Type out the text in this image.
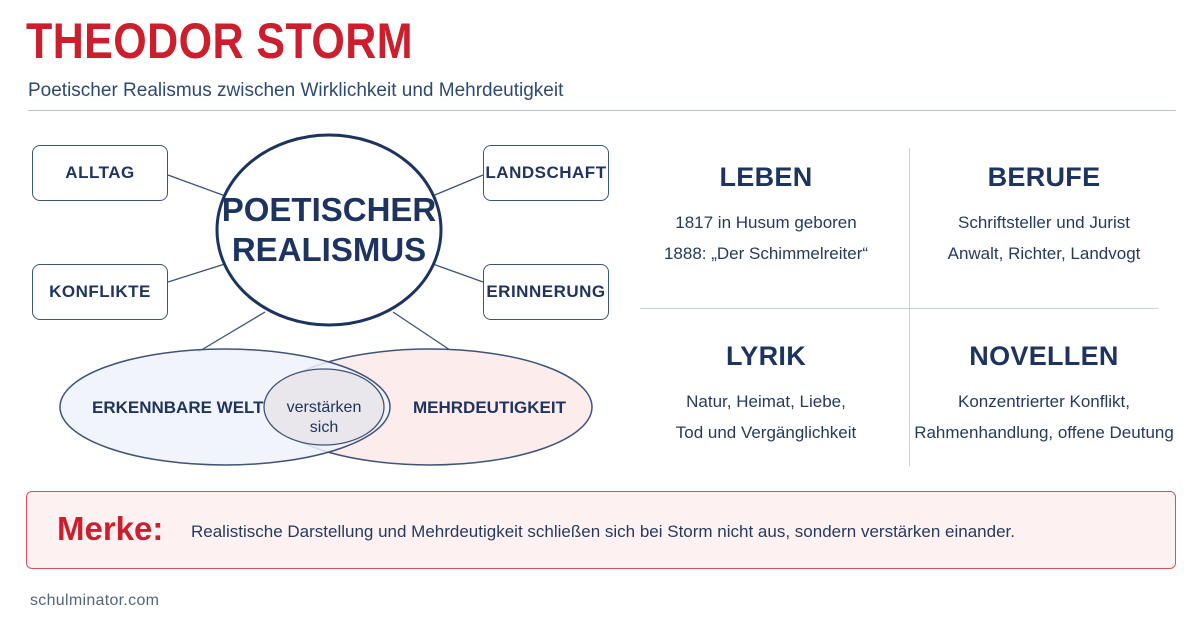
THEODOR STORM
Poetischer Realismus zwischen Wirklichkeit und Mehrdeutigkeit
POETISCHER
REALISMUS
ALLTAG
KONFLIKTE
LANDSCHAFT
ERINNERUNG
ERKENNBARE WELT	MEHRDEUTIGKEIT
verstärken
sich
LEBEN

1817 in Husum geboren

1888: „Der Schimmelreiter“

BERUFE

Schriftsteller und Jurist

Anwalt, Richter, Landvogt

LYRIK

Natur, Heimat, Liebe,

Tod und Vergänglichkeit

NOVELLEN

Konzentrierter Konflikt,

Rahmenhandlung, offene Deutung

Merke: Realistische Darstellung und Mehrdeutigkeit schließen sich bei Storm nicht aus, sondern verstärken einander.
schulminator.com
